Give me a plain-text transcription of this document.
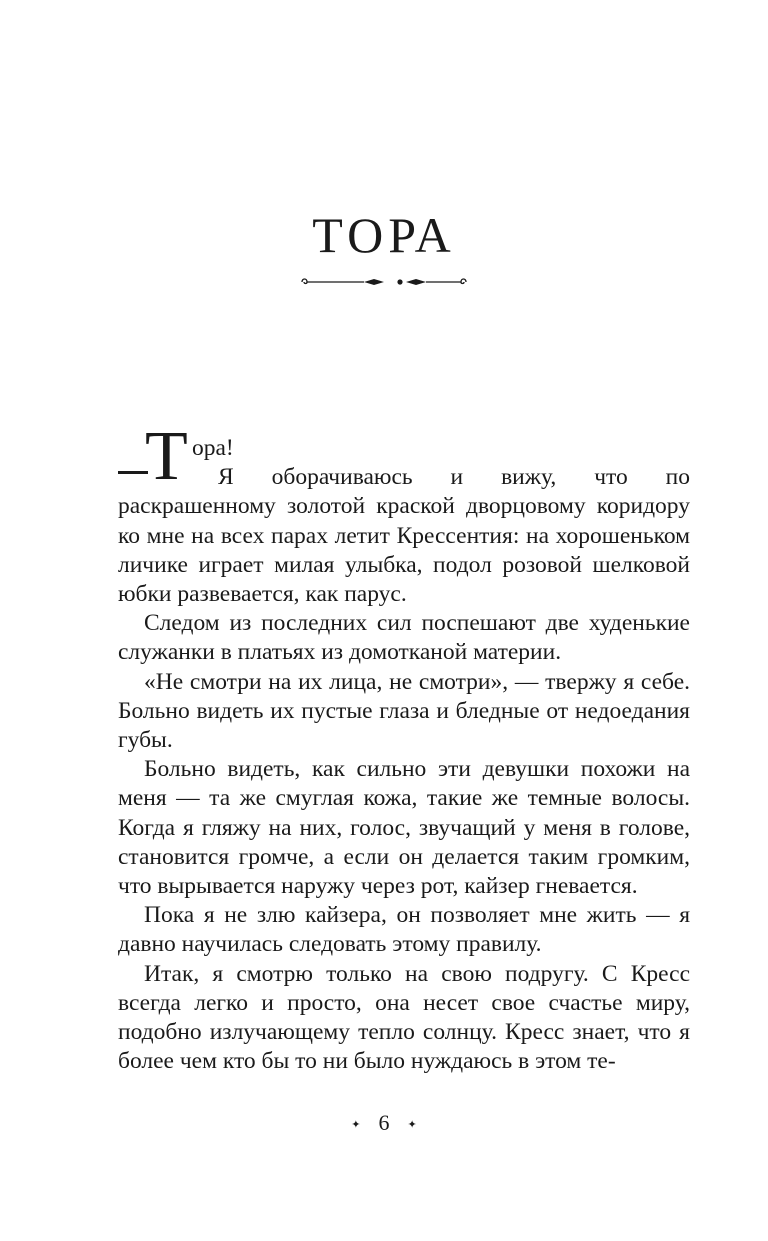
ТОРА

Т ора!

Я оборачиваюсь и вижу, что по раскрашенному золотой краской дворцовому коридору ко мне на всех парах летит Крессентия: на хорошеньком личике играет милая улыбка, подол розовой шелковой юбки развевается, как парус.

Следом из последних сил поспешают две худенькие служанки в платьях из домотканой материи.

«Не смотри на их лица, не смотри», — твержу я себе. Больно видеть их пустые глаза и бледные от недоедания губы.

Больно видеть, как сильно эти девушки похожи на меня — та же смуглая кожа, такие же темные волосы. Когда я гляжу на них, голос, звучащий у меня в голове, становится громче, а если он делается таким громким, что вырывается наружу через рот, кайзер гневается.

Пока я не злю кайзера, он позволяет мне жить — я давно научилась следовать этому правилу.

Итак, я смотрю только на свою подругу. С Кресс всегда легко и просто, она несет свое счастье миру, подобно излучающему тепло солнцу. Кресс знает, что я более чем кто бы то ни было нуждаюсь в этом те-

✦ 6 ✦
